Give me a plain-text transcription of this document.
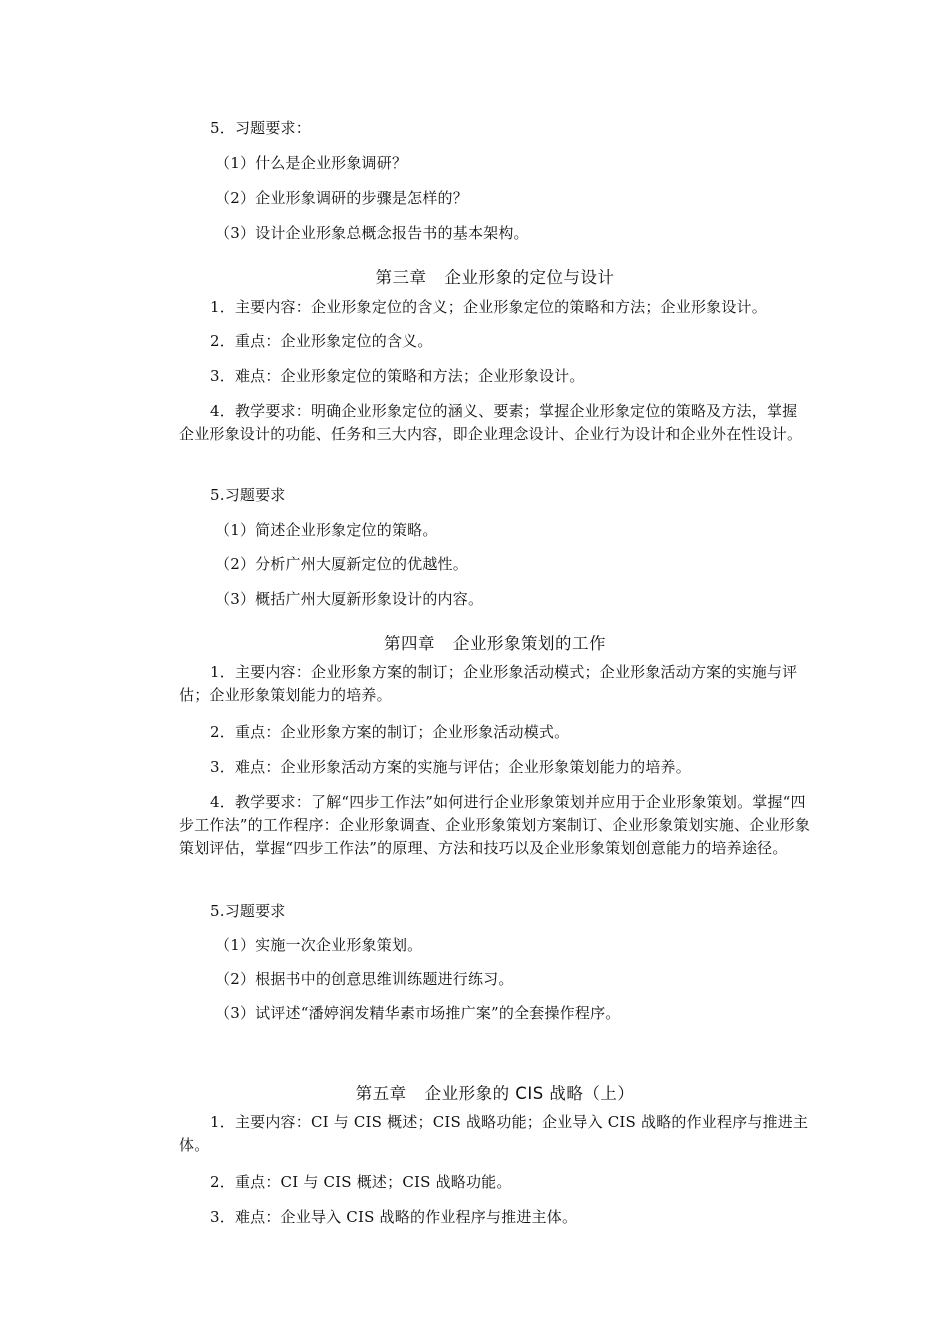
5．习题要求：
（1）什么是企业形象调研？
（2）企业形象调研的步骤是怎样的？
（3）设计企业形象总概念报告书的基本架构。
第三章 企业形象的定位与设计
1．主要内容：企业形象定位的含义；企业形象定位的策略和方法；企业形象设计。
2．重点：企业形象定位的含义。
3．难点：企业形象定位的策略和方法；企业形象设计。
4．教学要求：明确企业形象定位的涵义、要素；掌握企业形象定位的策略及方法，掌握企业形象设计的功能、任务和三大内容，即企业理念设计、企业行为设计和企业外在性设计。
5.习题要求
（1）简述企业形象定位的策略。
（2）分析广州大厦新定位的优越性。
（3）概括广州大厦新形象设计的内容。
第四章 企业形象策划的工作
1．主要内容：企业形象方案的制订；企业形象活动模式；企业形象活动方案的实施与评估；企业形象策划能力的培养。
2．重点：企业形象方案的制订；企业形象活动模式。
3．难点：企业形象活动方案的实施与评估；企业形象策划能力的培养。
4．教学要求：了解“四步工作法”如何进行企业形象策划并应用于企业形象策划。掌握“四步工作法”的工作程序：企业形象调查、企业形象策划方案制订、企业形象策划实施、企业形象策划评估，掌握“四步工作法”的原理、方法和技巧以及企业形象策划创意能力的培养途径。
5.习题要求
（1）实施一次企业形象策划。
（2）根据书中的创意思维训练题进行练习。
（3）试评述“潘婷润发精华素市场推广案”的全套操作程序。
第五章 企业形象的 CIS 战略（上）
1．主要内容：CI 与 CIS 概述；CIS 战略功能；企业导入 CIS 战略的作业程序与推进主体。
2．重点：CI 与 CIS 概述；CIS 战略功能。
3．难点：企业导入 CIS 战略的作业程序与推进主体。
